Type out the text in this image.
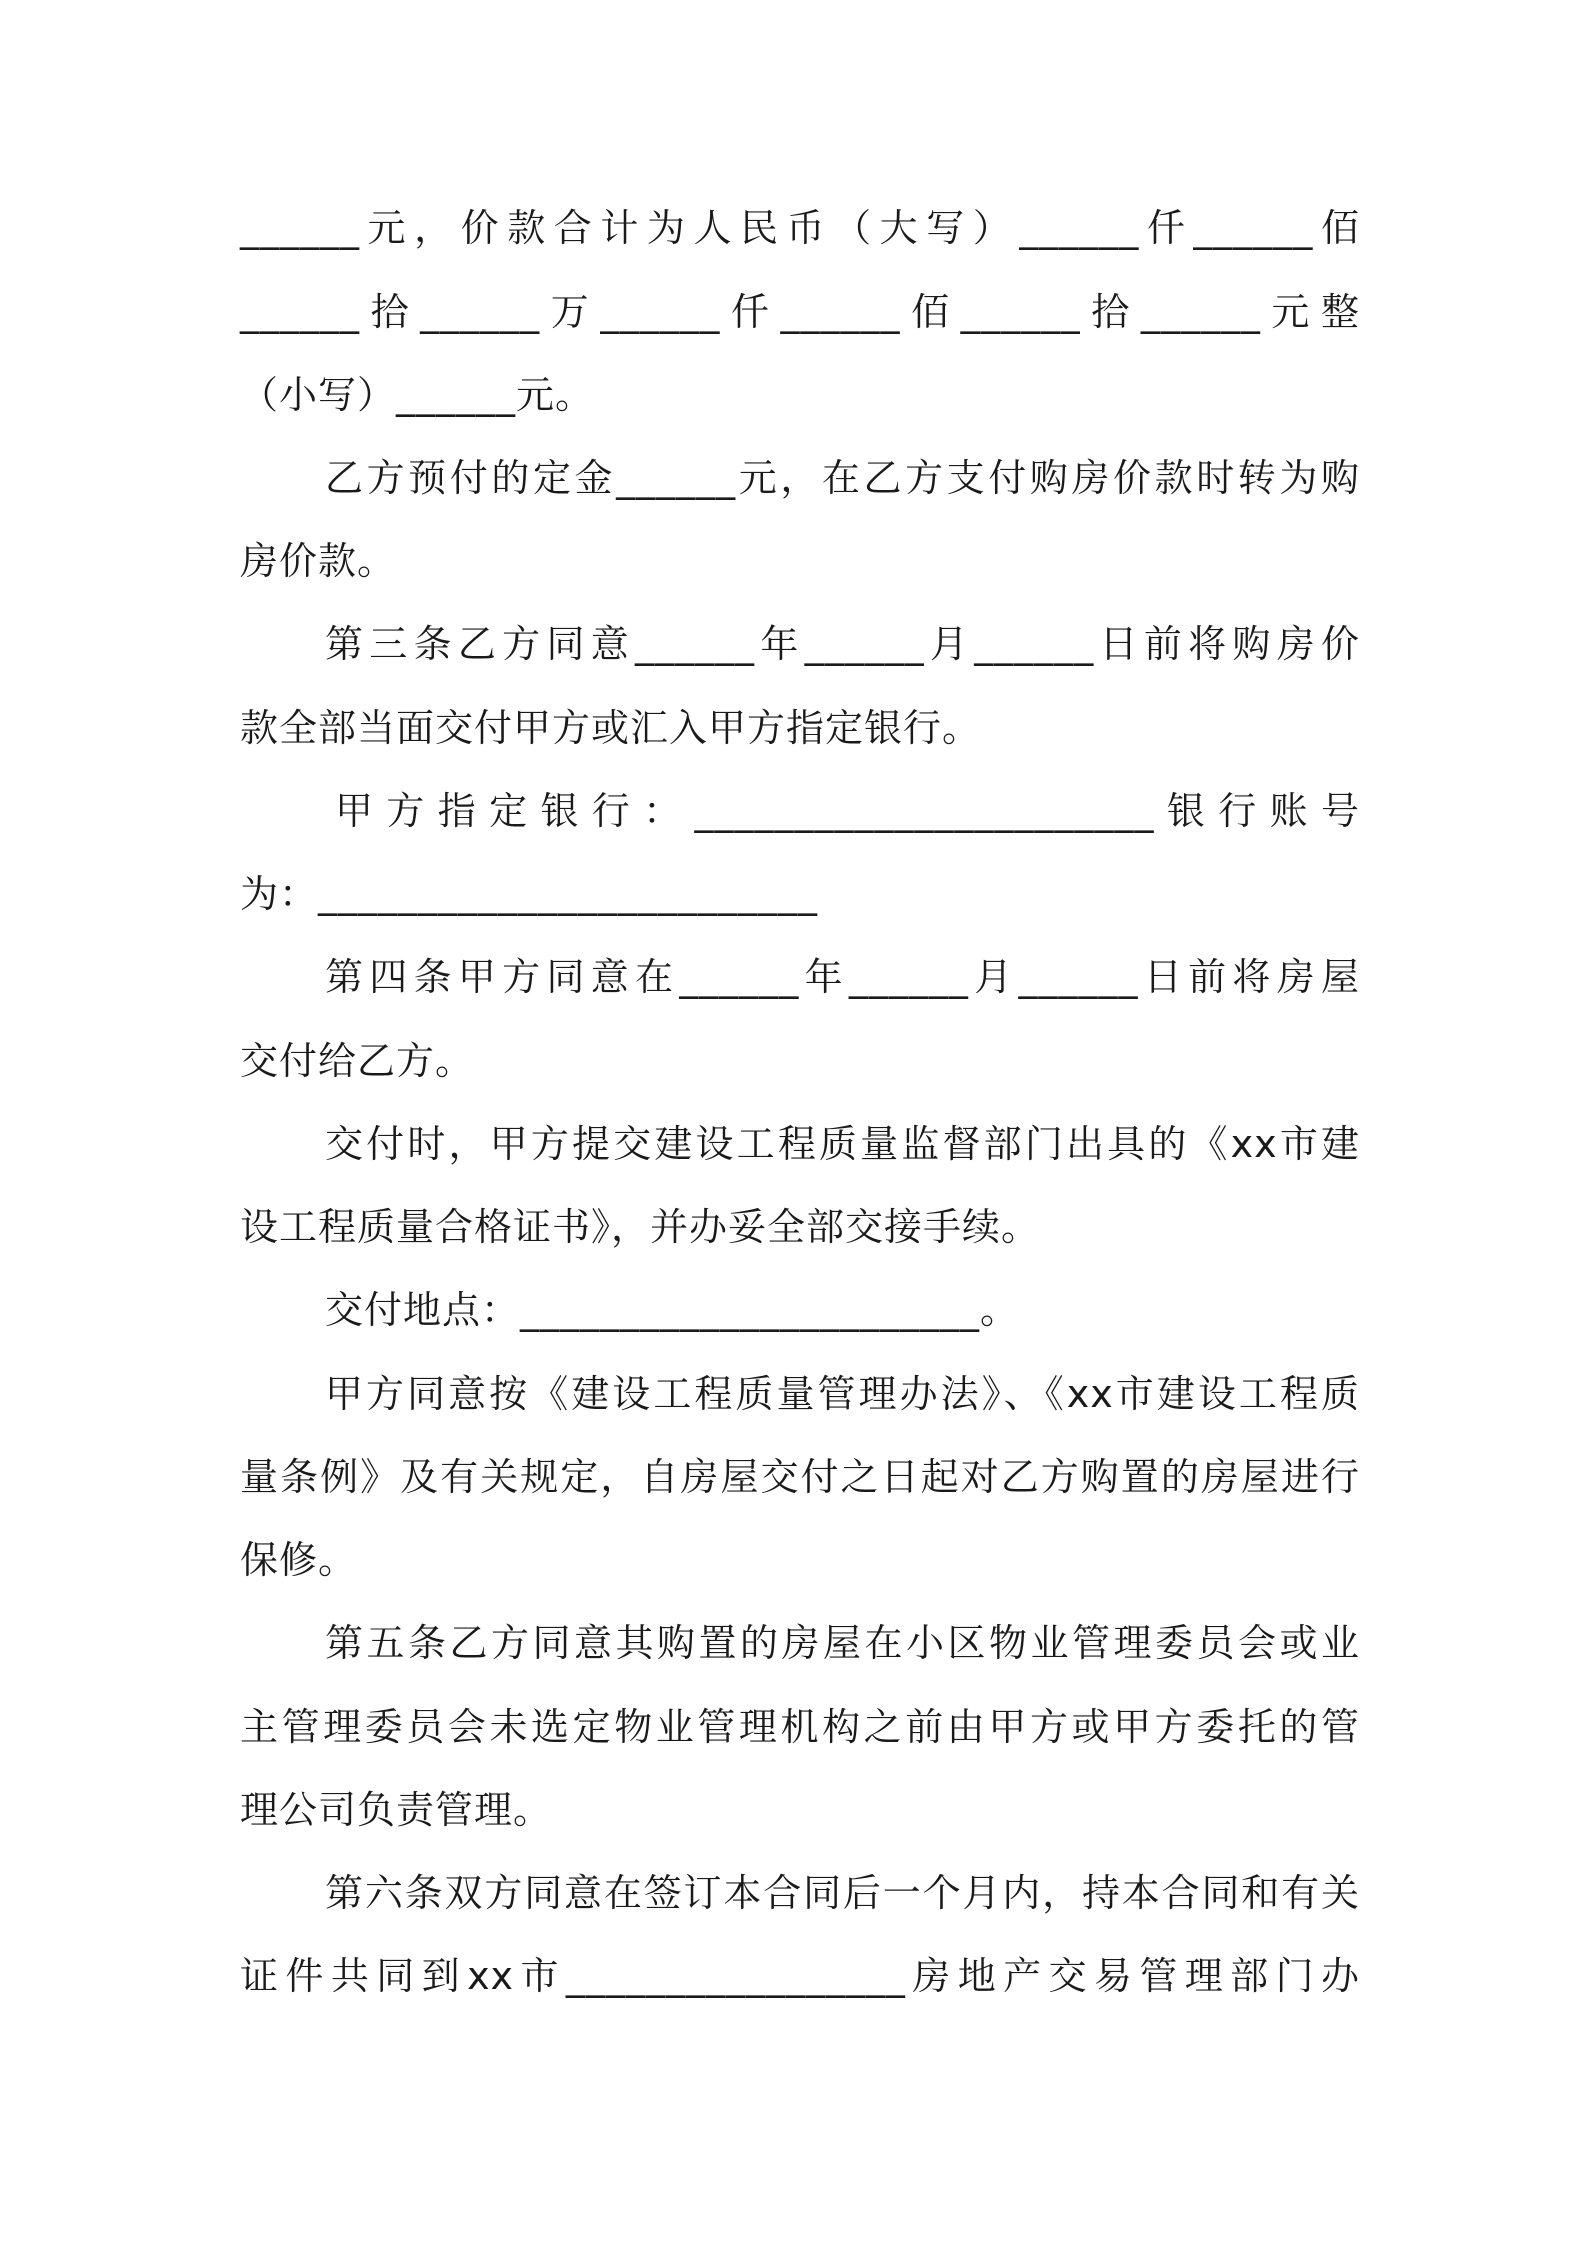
______元，价款合计为人民币（大写）______仟______佰
______拾______万______仟______佰______拾______元整
（小写）______元。
乙方预付的定金______元，在乙方支付购房价款时转为购
房价款。
第三条乙方同意______年______月______日前将购房价
款全部当面交付甲方或汇入甲方指定银行。
甲方指定银行：_______________________银行账号
为：_________________________
第四条甲方同意在______年______月______日前将房屋
交付给乙方。
交付时，甲方提交建设工程质量监督部门出具的《xx市建
设工程质量合格证书》，并办妥全部交接手续。
交付地点：_______________________。
甲方同意按《建设工程质量管理办法》、《xx市建设工程质
量条例》及有关规定，自房屋交付之日起对乙方购置的房屋进行
保修。
第五条乙方同意其购置的房屋在小区物业管理委员会或业
主管理委员会未选定物业管理机构之前由甲方或甲方委托的管
理公司负责管理。
第六条双方同意在签订本合同后一个月内，持本合同和有关
证件共同到xx市_________________房地产交易管理部门办
